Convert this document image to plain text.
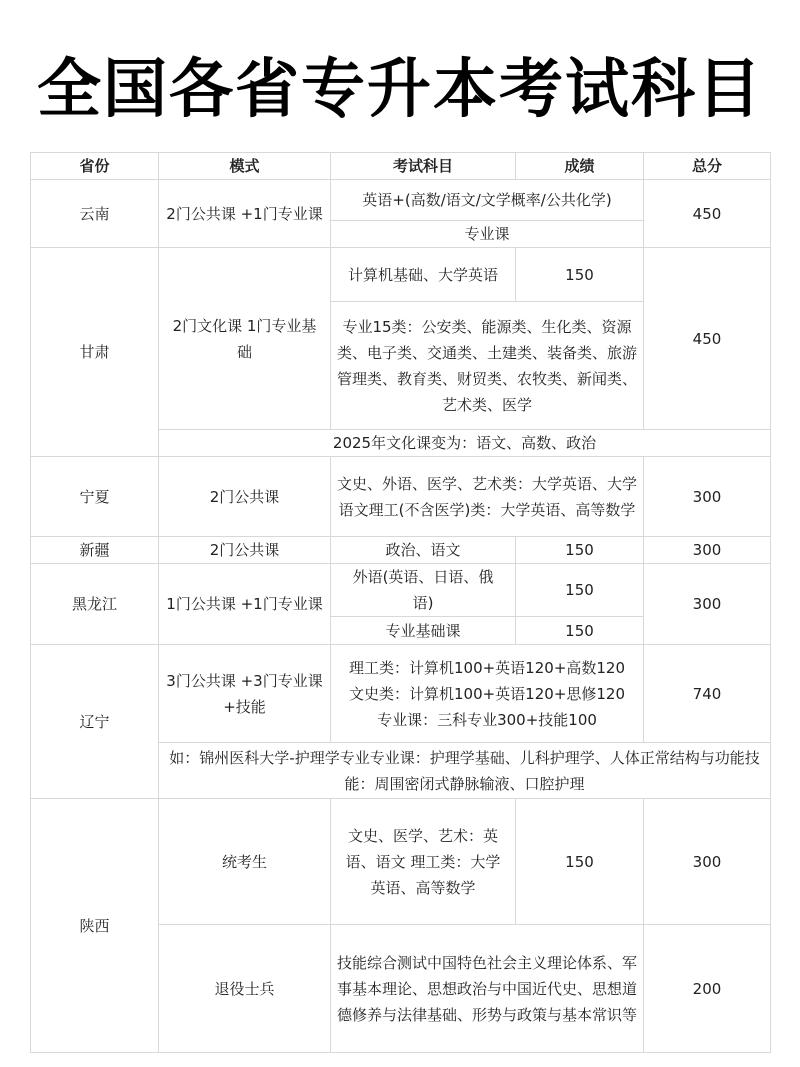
全国各省专升本考试科目
省份	模式	考试科目	成绩	总分
云南	2门公共课 +1门专业课	英语+(高数/语文/文学概率/公共化学)		450
		专业课		
甘肃	2门文化课 1门专业基础	计算机基础、大学英语	150	450
		专业15类：公安类、能源类、生化类、资源类、电子类、交通类、土建类、装备类、旅游管理类、教育类、财贸类、农牧类、新闻类、艺术类、医学		
	2025年文化课变为：语文、高数、政治			
宁夏	2门公共课	文史、外语、医学、艺术类：大学英语、大学语文理工(不含医学)类：大学英语、高等数学		300
新疆	2门公共课	政治、语文	150	300
黑龙江	1门公共课 +1门专业课	外语(英语、日语、俄语)	150	300
		专业基础课	150	
辽宁	3门公共课 +3门专业课+技能	理工类：计算机100+英语120+高数120
文史类：计算机100+英语120+思修120
专业课：三科专业300+技能100		740
	如：锦州医科大学-护理学专业专业课：护理学基础、儿科护理学、人体正常结构与功能技能：周围密闭式静脉输液、口腔护理			
陕西	统考生	文史、医学、艺术：英语、语文 理工类：大学英语、高等数学	150	300
	退役士兵	技能综合测试中国特色社会主义理论体系、军事基本理论、思想政治与中国近代史、思想道德修养与法律基础、形势与政策与基本常识等		200
